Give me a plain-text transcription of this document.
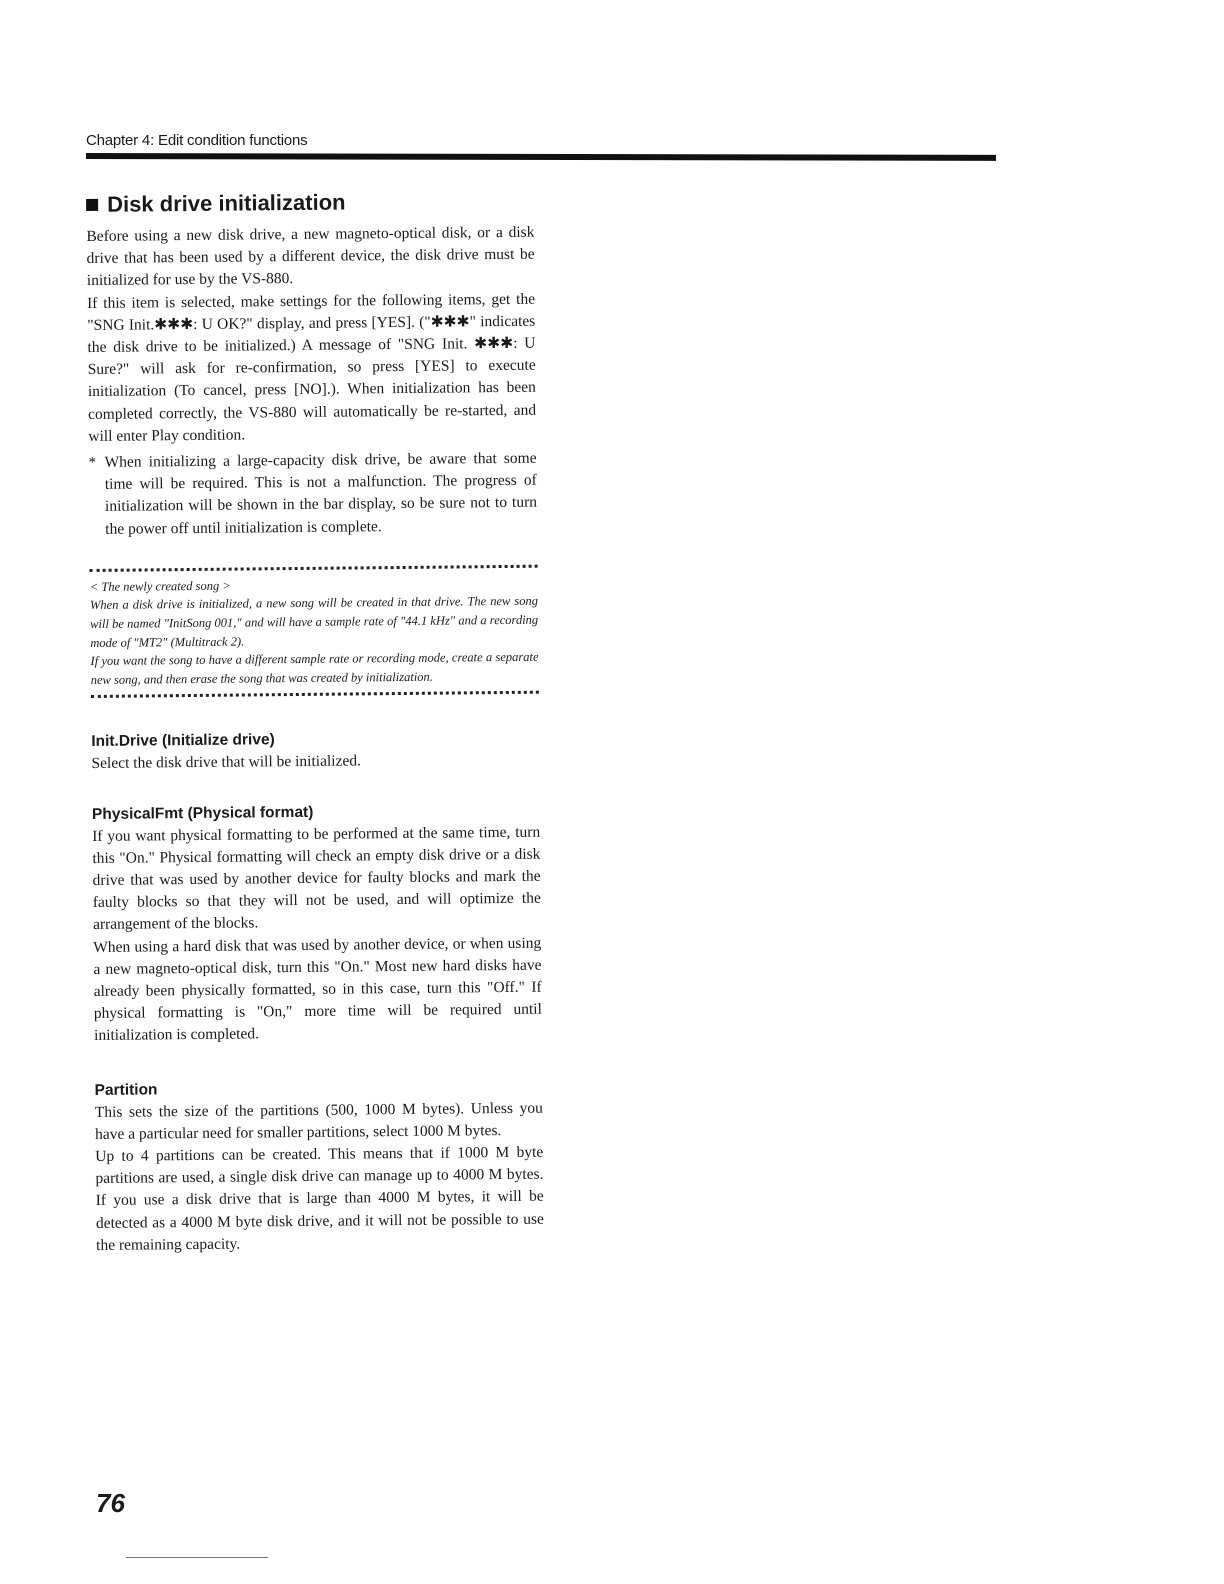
Chapter 4: Edit condition functions
Disk drive initialization

Before using a new disk drive, a new magneto-optical disk, or a disk drive that has been used by a different device, the disk drive must be initialized for use by the VS-880.

If this item is selected, make settings for the following items, get the "SNG Init.✱✱✱: U OK?" display, and press [YES]. ("✱✱✱" indicates the disk drive to be initialized.) A message of "SNG Init. ✱✱✱: U Sure?" will ask for re-confirmation, so press [YES] to execute initialization (To cancel, press [NO].). When initialization has been completed correctly, the VS-880 will automatically be re-started, and will enter Play condition.

* When initializing a large-capacity disk drive, be aware that some time will be required. This is not a malfunction. The progress of initialization will be shown in the bar display, so be sure not to turn the power off until initialization is complete.

< The newly created song >

When a disk drive is initialized, a new song will be created in that drive. The new song will be named "InitSong 001," and will have a sample rate of "44.1 kHz" and a recording mode of "MT2" (Multitrack 2).

If you want the song to have a different sample rate or recording mode, create a separate new song, and then erase the song that was created by initialization.

Init.Drive (Initialize drive)

Select the disk drive that will be initialized.

PhysicalFmt (Physical format)

If you want physical formatting to be performed at the same time, turn this "On." Physical formatting will check an empty disk drive or a disk drive that was used by another device for faulty blocks and mark the faulty blocks so that they will not be used, and will optimize the arrangement of the blocks.

When using a hard disk that was used by another device, or when using a new magneto-optical disk, turn this "On." Most new hard disks have already been physically formatted, so in this case, turn this "Off." If physical formatting is "On," more time will be required until initialization is completed.

Partition

This sets the size of the partitions (500, 1000 M bytes). Unless you have a particular need for smaller partitions, select 1000 M bytes.

Up to 4 partitions can be created. This means that if 1000 M byte partitions are used, a single disk drive can manage up to 4000 M bytes. If you use a disk drive that is large than 4000 M bytes, it will be detected as a 4000 M byte disk drive, and it will not be possible to use the remaining capacity.

76
